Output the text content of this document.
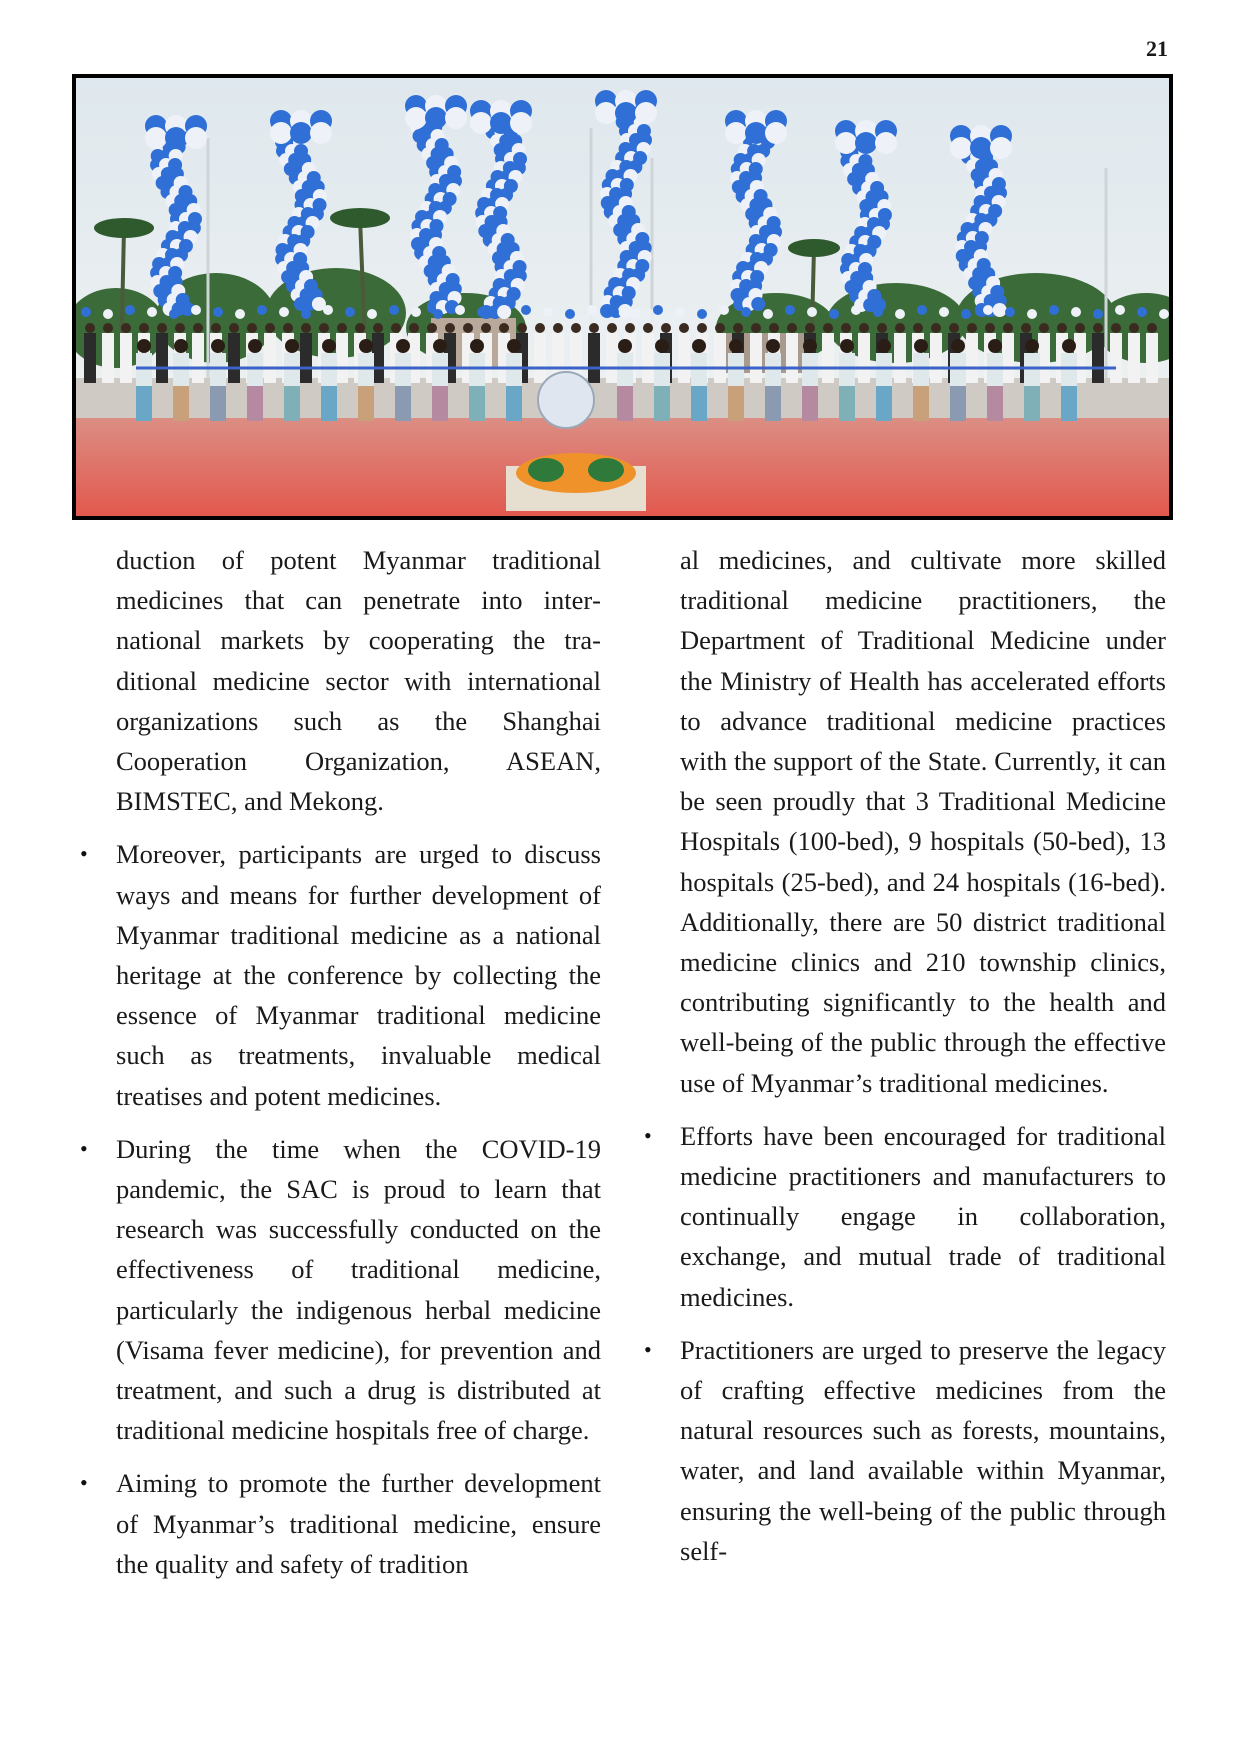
21

duction of potent Myanmar traditional medicines that can penetrate into international markets by cooperating the traditional medicine sector with international organizations such as the Shanghai Cooperation Organization, ASEAN, BIMSTEC, and Mekong.

• Moreover, participants are urged to discuss ways and means for further development of Myanmar traditional medicine as a national heritage at the conference by collecting the essence of Myanmar traditional medicine such as treatments, invaluable medical treatises and potent medicines.

• During the time when the COVID-19 pandemic, the SAC is proud to learn that research was successfully conducted on the effectiveness of traditional medicine, particularly the indigenous herbal medicine (Visama fever medicine), for prevention and treatment, and such a drug is distributed at traditional medicine hospitals free of charge.

• Aiming to promote the further development of Myanmar’s traditional medicine, ensure the quality and safety of tradition

al medicines, and cultivate more skilled traditional medicine practitioners, the Department of Traditional Medicine under the Ministry of Health has accelerated efforts to advance traditional medicine practices with the support of the State. Currently, it can be seen proudly that 3 Traditional Medicine Hospitals (100-bed), 9 hospitals (50-bed), 13 hospitals (25-bed), and 24 hospitals (16-bed). Additionally, there are 50 district traditional medicine clinics and 210 township clinics, contributing significantly to the health and well-being of the public through the effective use of Myanmar’s traditional medicines.

• Efforts have been encouraged for traditional medicine practitioners and manufacturers to continually engage in collaboration, exchange, and mutual trade of traditional medicines.

• Practitioners are urged to preserve the legacy of crafting effective medicines from the natural resources such as forests, mountains, water, and land available within Myanmar, ensuring the well-being of the public through self-
